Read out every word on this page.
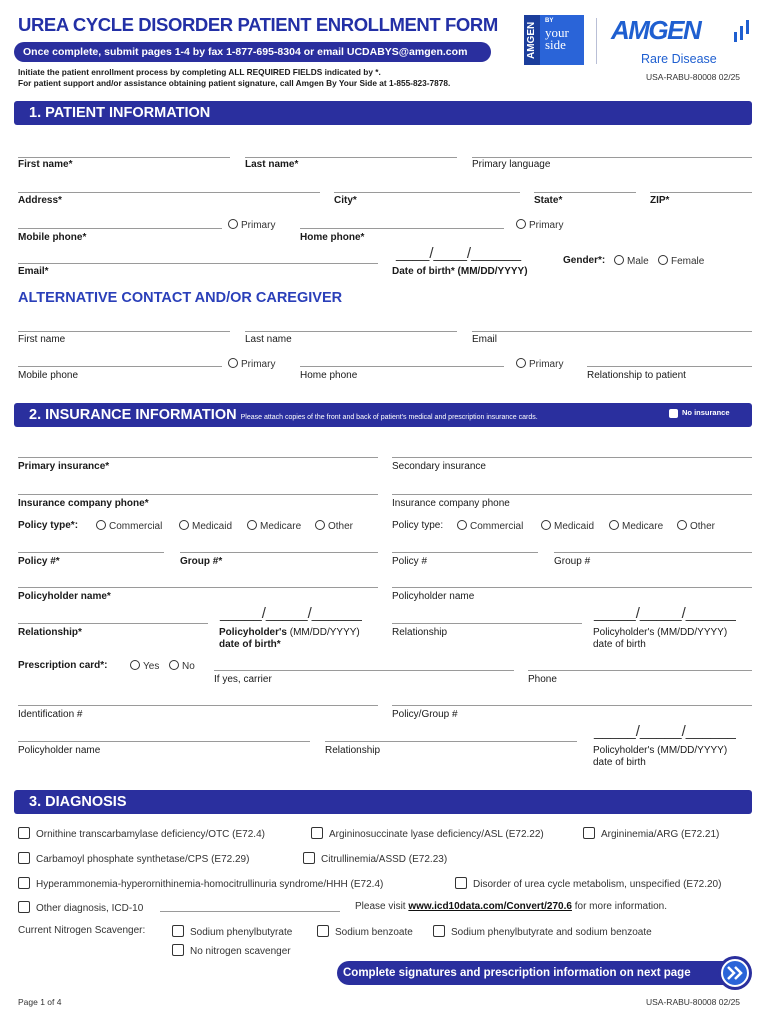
UREA CYCLE DISORDER PATIENT ENROLLMENT FORM
Once complete, submit pages 1-4 by fax 1-877-695-8304 or email UCDABYS@amgen.com
Initiate the patient enrollment process by completing ALL REQUIRED FIELDS indicated by *.
For patient support and/or assistance obtaining patient signature, call Amgen By Your Side at 1-855-823-7878.
AMGEN
BY
your
side AMGEN
Rare Disease
USA-RABU-80008 02/25
1. PATIENT INFORMATION
First name*	Last name*	Primary language
Address*	City*	State*	ZIP*
Primary	Primary
Mobile phone*	Home phone*
Email*
____/____/______
Date of birth* (MM/DD/YYYY)
Gender*:	Male	Female
ALTERNATIVE CONTACT AND/OR CAREGIVER
First name	Last name	Email
Primary	Primary
Mobile phone	Home phone	Relationship to patient
2. INSURANCE INFORMATION Please attach copies of the front and back of patient's medical and prescription insurance cards.
No insurance
Primary insurance*	Secondary insurance
Insurance company phone*	Insurance company phone
Policy type*:	Commercial	Medicaid	Medicare	Other	Policy type:	Commercial	Medicaid	Medicare	Other
Policy #*	Group #*	Policy #	Group #
Policyholder name*	Policyholder name
_____/_____/______
Relationship*	Policyholder's (MM/DD/YYYY)
date of birth*
_____/_____/______
Relationship	Policyholder's (MM/DD/YYYY)
date of birth
Prescription card*:	Yes	No
If yes, carrier	Phone
Identification #	Policy/Group #
_____/_____/______
Policyholder name	Relationship	Policyholder's (MM/DD/YYYY)
date of birth
3. DIAGNOSIS
Ornithine transcarbamylase deficiency/OTC (E72.4)	Argininosuccinate lyase deficiency/ASL (E72.22)	Argininemia/ARG (E72.21)
Carbamoyl phosphate synthetase/CPS (E72.29)	Citrullinemia/ASSD (E72.23)
Hyperammonemia-hyperornithinemia-homocitrullinuria syndrome/HHH (E72.4)	Disorder of urea cycle metabolism, unspecified (E72.20)
Other diagnosis, ICD-10	Please visit www.icd10data.com/Convert/270.6 for more information.
Current Nitrogen Scavenger:	Sodium phenylbutyrate	Sodium benzoate	Sodium phenylbutyrate and sodium benzoate
No nitrogen scavenger
Complete signatures and prescription information on next page
Page 1 of 4	USA-RABU-80008 02/25
